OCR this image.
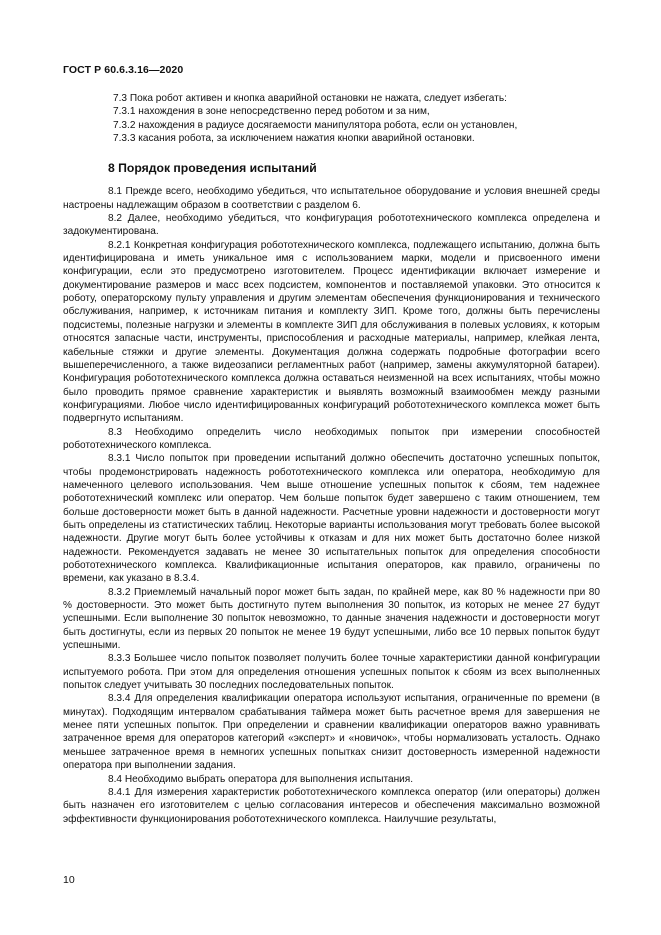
ГОСТ Р 60.6.3.16—2020
7.3 Пока робот активен и кнопка аварийной остановки не нажата, следует избегать:
7.3.1 нахождения в зоне непосредственно перед роботом и за ним,
7.3.2 нахождения в радиусе досягаемости манипулятора робота, если он установлен,
7.3.3 касания робота, за исключением нажатия кнопки аварийной остановки.
8 Порядок проведения испытаний

8.1 Прежде всего, необходимо убедиться, что испытательное оборудование и условия внешней среды настроены надлежащим образом в соответствии с разделом 6.

8.2 Далее, необходимо убедиться, что конфигурация робототехнического комплекса определена и задокументирована.

8.2.1 Конкретная конфигурация робототехнического комплекса, подлежащего испытанию, должна быть идентифицирована и иметь уникальное имя с использованием марки, модели и присвоенного имени конфигурации, если это предусмотрено изготовителем. Процесс идентификации включает измерение и документирование размеров и масс всех подсистем, компонентов и поставляемой упаковки. Это относится к роботу, операторскому пульту управления и другим элементам обеспечения функционирования и технического обслуживания, например, к источникам питания и комплекту ЗИП. Кроме того, должны быть перечислены подсистемы, полезные нагрузки и элементы в комплекте ЗИП для обслуживания в полевых условиях, к которым относятся запасные части, инструменты, приспособления и расходные материалы, например, клейкая лента, кабельные стяжки и другие элементы. Документация должна содержать подробные фотографии всего вышеперечисленного, а также видеозаписи регламентных работ (например, замены аккумуляторной батареи). Конфигурация робототехнического комплекса должна оставаться неизменной на всех испытаниях, чтобы можно было проводить прямое сравнение характеристик и выявлять возможный взаимообмен между разными конфигурациями. Любое число идентифицированных конфигураций робототехнического комплекса может быть подвергнуто испытаниям.

8.3 Необходимо определить число необходимых попыток при измерении способностей робототехнического комплекса.

8.3.1 Число попыток при проведении испытаний должно обеспечить достаточно успешных попыток, чтобы продемонстрировать надежность робототехнического комплекса или оператора, необходимую для намеченного целевого использования. Чем выше отношение успешных попыток к сбоям, тем надежнее робототехнический комплекс или оператор. Чем больше попыток будет завершено с таким отношением, тем больше достоверности может быть в данной надежности. Расчетные уровни надежности и достоверности могут быть определены из статистических таблиц. Некоторые варианты использования могут требовать более высокой надежности. Другие могут быть более устойчивы к отказам и для них может быть достаточно более низкой надежности. Рекомендуется задавать не менее 30 испытательных попыток для определения способности робототехнического комплекса. Квалификационные испытания операторов, как правило, ограничены по времени, как указано в 8.3.4.

8.3.2 Приемлемый начальный порог может быть задан, по крайней мере, как 80 % надежности при 80 % достоверности. Это может быть достигнуто путем выполнения 30 попыток, из которых не менее 27 будут успешными. Если выполнение 30 попыток невозможно, то данные значения надежности и достоверности могут быть достигнуты, если из первых 20 попыток не менее 19 будут успешными, либо все 10 первых попыток будут успешными.

8.3.3 Большее число попыток позволяет получить более точные характеристики данной конфигурации испытуемого робота. При этом для определения отношения успешных попыток к сбоям из всех выполненных попыток следует учитывать 30 последних последовательных попыток.

8.3.4 Для определения квалификации оператора используют испытания, ограниченные по времени (в минутах). Подходящим интервалом срабатывания таймера может быть расчетное время для завершения не менее пяти успешных попыток. При определении и сравнении квалификации операторов важно уравнивать затраченное время для операторов категорий «эксперт» и «новичок», чтобы нормализовать усталость. Однако меньшее затраченное время в немногих успешных попытках снизит достоверность измеренной надежности оператора при выполнении задания.

8.4 Необходимо выбрать оператора для выполнения испытания.

8.4.1 Для измерения характеристик робототехнического комплекса оператор (или операторы) должен быть назначен его изготовителем с целью согласования интересов и обеспечения максимально возможной эффективности функционирования робототехнического комплекса. Наилучшие результаты,

10
